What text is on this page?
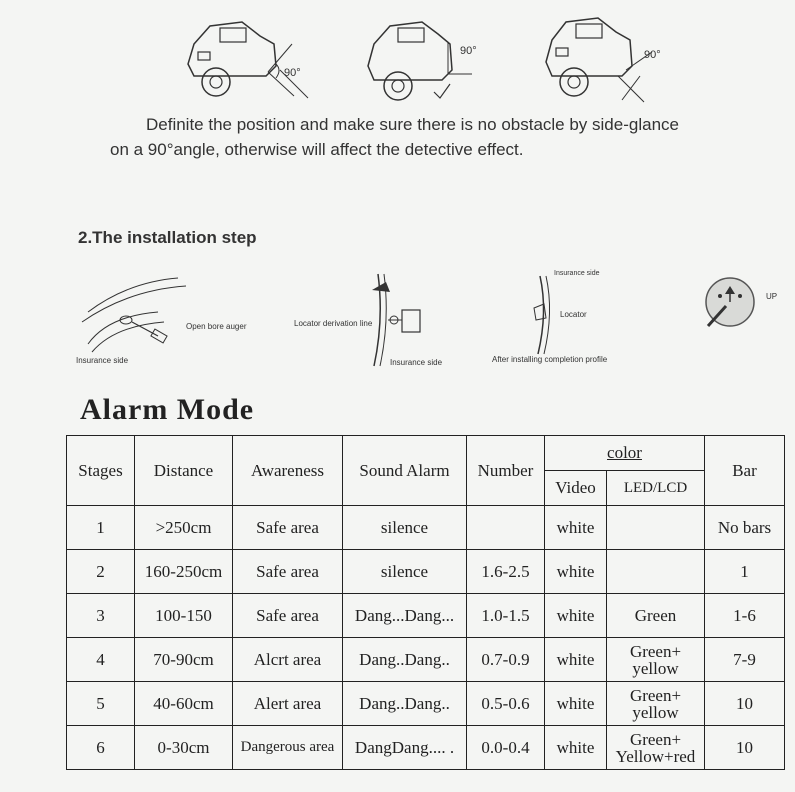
90°
90°	90°
Definite the position and make sure there is no obstacle by side-glance
on a 90°angle, otherwise will affect the detective effect.
2.The installation step
Open bore auger
Insurance side
Locator derivation line
Insurance side
Insurance side
Locator
After installing completion profile
UP
Alarm Mode
Stages	Distance	Awareness	Sound Alarm	Number	color		Bar
					Video	LED/LCD	
1	>250cm	Safe area	silence		white		No bars
2	160-250cm	Safe area	silence	1.6-2.5	white		1
3	100-150	Safe area	Dang...Dang...	1.0-1.5	white	Green	1-6
4	70-90cm	Alcrt area	Dang..Dang..	0.7-0.9	white	Green+
yellow	7-9
5	40-60cm	Alert area	Dang..Dang..	0.5-0.6	white	Green+
yellow	10
6	0-30cm	Dangerous area	DangDang.... .	0.0-0.4	white	Green+
Yellow+red	10
